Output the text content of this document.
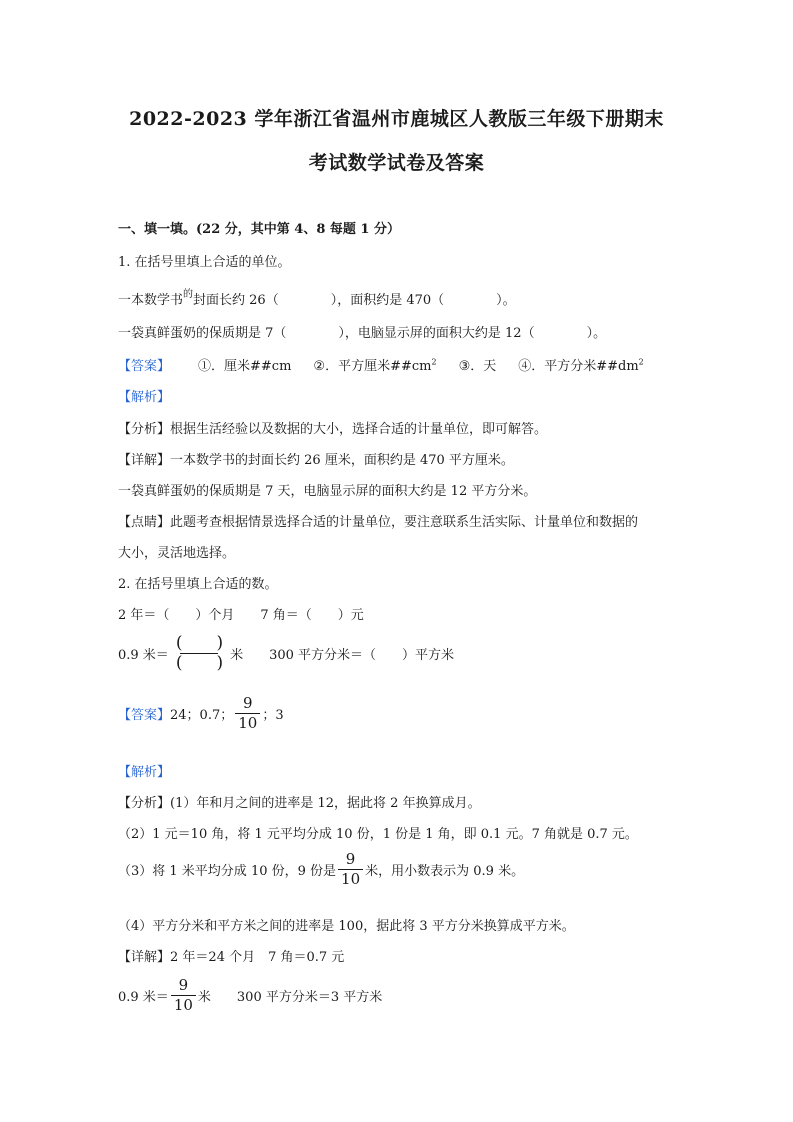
2022-2023 学年浙江省温州市鹿城区人教版三年级下册期末
考试数学试卷及答案
一、填一填。(22 分，其中第 4、8 每题 1 分）
1. 在括号里填上合适的单位。
一本数学书$^的$封面长约 26（　　　　），面积约是 470（　　　　）。
一袋真鲜蛋奶的保质期是 7（　　　　），电脑显示屏的面积大约是 12（　　　　）。
【答案】 ①．厘米##cm ②．平方厘米$\#\#cm^2$ ③．天 ④．平方分米$\#\#dm^2$
【解析】
【分析】根据生活经验以及数据的大小，选择合适的计量单位，即可解答。
【详解】一本数学书的封面长约 26 厘米，面积约是 470 平方厘米。
一袋真鲜蛋奶的保质期是 7 天，电脑显示屏的面积大约是 12 平方分米。
【点睛】此题考查根据情景选择合适的计量单位，要注意联系生活实际、计量单位和数据的
大小，灵活地选择。
2. 在括号里填上合适的数。
2 年＝（　　）个月　　7 角＝（　　）元
0.9 米＝
(　　)
(　　) 米　　300 平方分米＝（　　）平方米
【答案】 24；0.7； $\frac{9}{10}$ ；3
【解析】
【分析】(1）年和月之间的进率是 12，据此将 2 年换算成月。
（2）1 元＝10 角，将 1 元平均分成 10 份，1 份是 1 角，即 0.1 元。7 角就是 0.7 元。
（3）将 1 米平均分成 10 份，9 份是 $\frac{9}{10}$ 米，用小数表示为 0.9 米。
（4）平方分米和平方米之间的进率是 100，据此将 3 平方分米换算成平方米。
【详解】2 年＝24 个月　7 角＝0.7 元
0.9 米＝ $\frac{9}{10}$ 米　　300 平方分米＝3 平方米
